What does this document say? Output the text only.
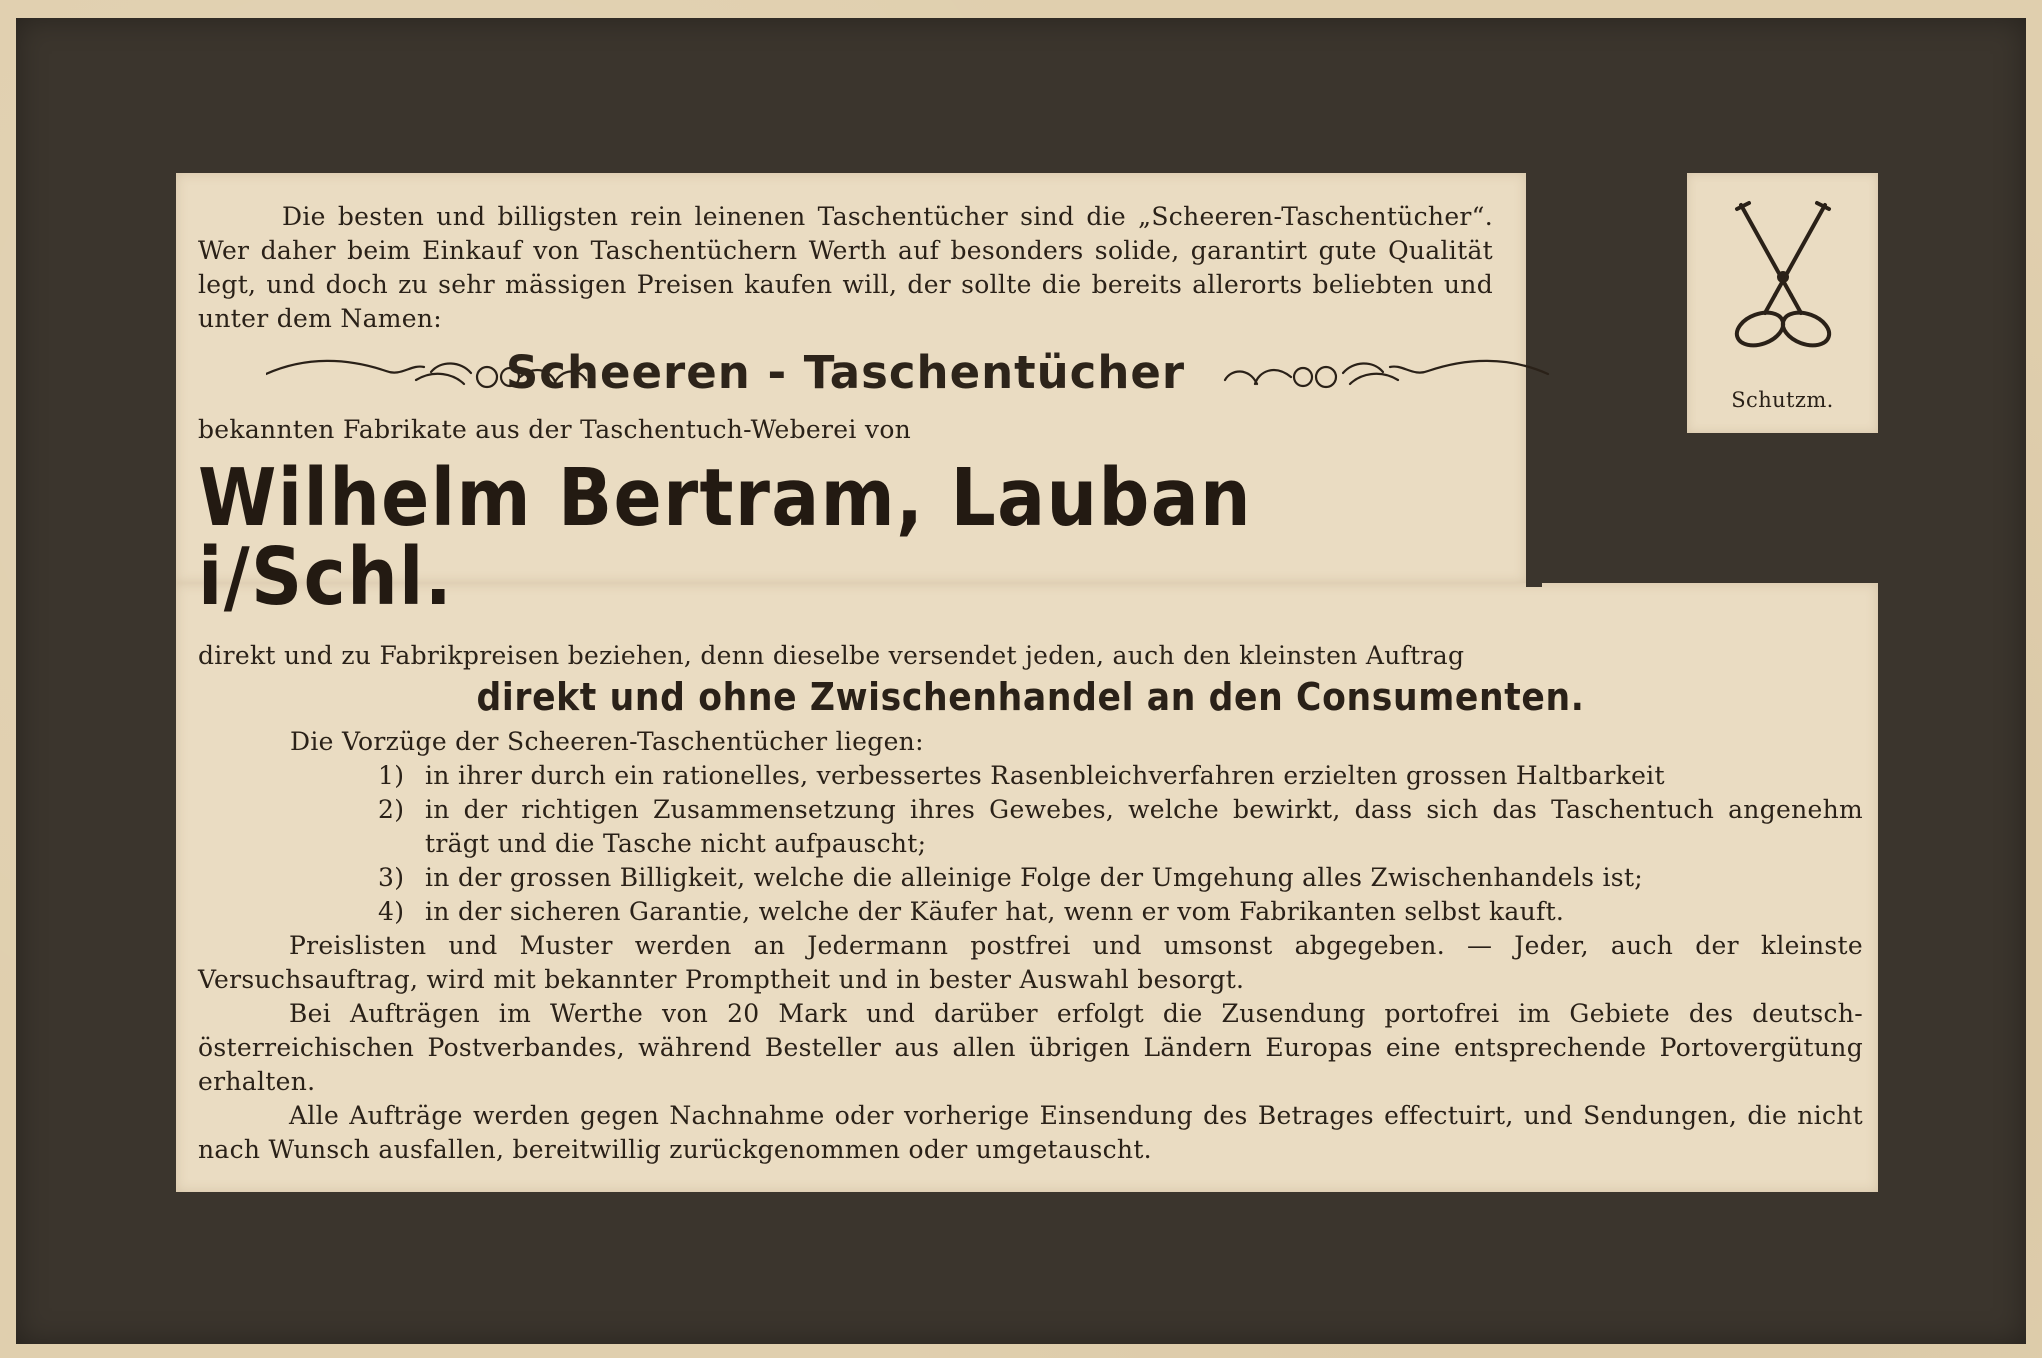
Schutzm.

Die besten und billigsten rein leinenen Taschentücher sind die „Scheeren-Taschentücher“. Wer daher beim Einkauf von Taschentüchern Werth auf besonders solide, garantirt gute Qualität legt, und doch zu sehr mässigen Preisen kaufen will, der sollte die bereits allerorts beliebten und unter dem Namen:

Scheeren - Taschentücher

bekannten Fabrikate aus der Taschentuch-Weberei von

Wilhelm Bertram, Lauban i/Schl.

direkt und zu Fabrikpreisen beziehen, denn dieselbe versendet jeden, auch den kleinsten Auftrag

direkt und ohne Zwischenhandel an den Consumenten.

Die Vorzüge der Scheeren-Taschentücher liegen:

1) in ihrer durch ein rationelles, verbessertes Rasenbleichverfahren erzielten grossen Haltbarkeit
2) in der richtigen Zusammensetzung ihres Gewebes, welche bewirkt, dass sich das Taschentuch angenehm trägt und die Tasche nicht aufpauscht;
3) in der grossen Billigkeit, welche die alleinige Folge der Umgehung alles Zwischenhandels ist;
4) in der sicheren Garantie, welche der Käufer hat, wenn er vom Fabrikanten selbst kauft.

Preislisten und Muster werden an Jedermann postfrei und umsonst abgegeben. — Jeder, auch der kleinste Versuchsauftrag, wird mit bekannter Promptheit und in bester Auswahl besorgt.

Bei Aufträgen im Werthe von 20 Mark und darüber erfolgt die Zusendung portofrei im Gebiete des deutsch-österreichischen Postverbandes, während Besteller aus allen übrigen Ländern Europas eine entsprechende Portovergütung erhalten.

Alle Aufträge werden gegen Nachnahme oder vorherige Einsendung des Betrages effectuirt, und Sendungen, die nicht nach Wunsch ausfallen, bereitwillig zurückgenommen oder umgetauscht.
